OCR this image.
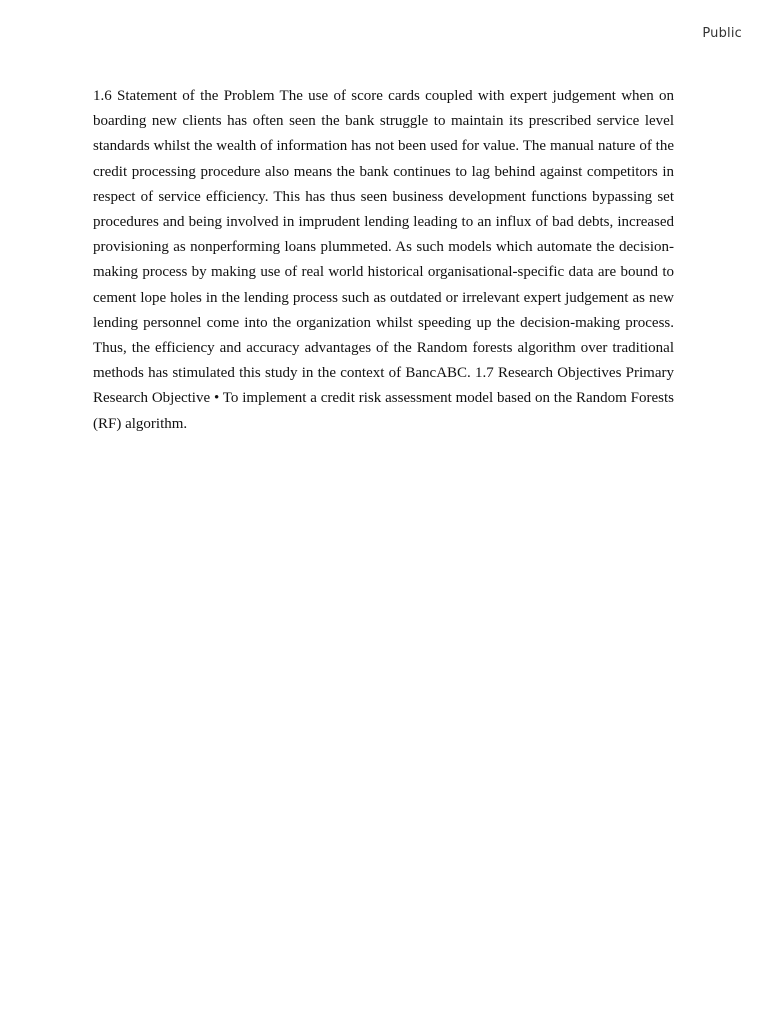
Public

1.6 Statement of the Problem The use of score cards coupled with expert judgement when on boarding new clients has often seen the bank struggle to maintain its prescribed service level standards whilst the wealth of information has not been used for value. The manual nature of the credit processing procedure also means the bank continues to lag behind against competitors in respect of service efficiency. This has thus seen business development functions bypassing set procedures and being involved in imprudent lending leading to an influx of bad debts, increased provisioning as nonperforming loans plummeted. As such models which automate the decision-making process by making use of real world historical organisational-specific data are bound to cement lope holes in the lending process such as outdated or irrelevant expert judgement as new lending personnel come into the organization whilst speeding up the decision-making process. Thus, the efficiency and accuracy advantages of the Random forests algorithm over traditional methods has stimulated this study in the context of BancABC. 1.7 Research Objectives Primary Research Objective • To implement a credit risk assessment model based on the Random Forests (RF) algorithm.
